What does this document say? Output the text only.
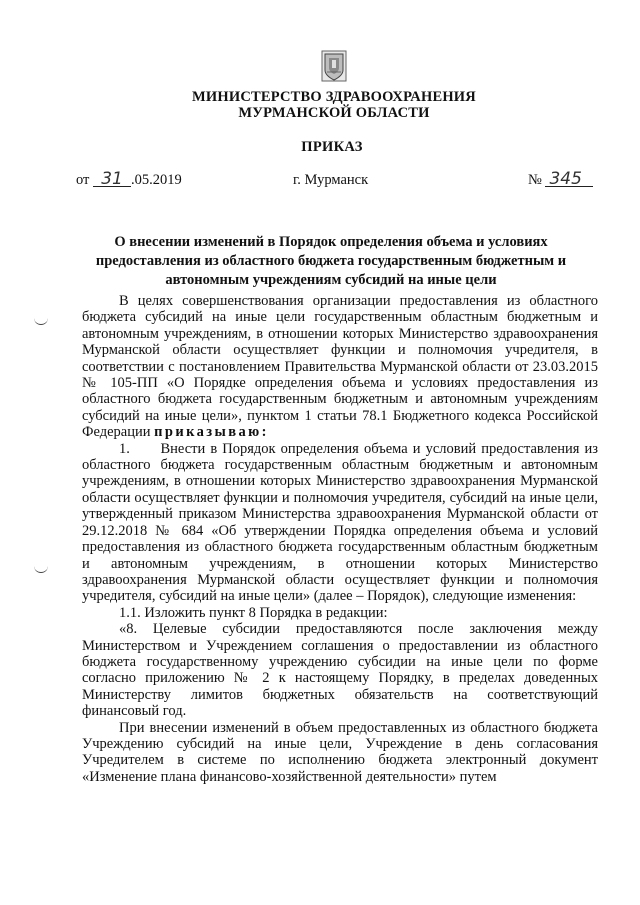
МИНИСТЕРСТВО ЗДРАВООХРАНЕНИЯ
МУРМАНСКОЙ ОБЛАСТИ
ПРИКАЗ
от 31 .05.2019	г. Мурманск	№ 345
О внесении изменений в Порядок определения объема и условиях предоставления из областного бюджета государственным бюджетным и автономным учреждениям субсидий на иные цели

В целях совершенствования организации предоставления из областного бюджета субсидий на иные цели государственным областным бюджетным и автономным учреждениям, в отношении которых Министерство здравоохранения Мурманской области осуществляет функции и полномочия учредителя, в соответствии с постановлением Правительства Мурманской области от 23.03.2015 № 105-ПП «О Порядке определения объема и условиях предоставления из областного бюджета государственным бюджетным и автономным учреждениям субсидий на иные цели», пунктом 1 статьи 78.1 Бюджетного кодекса Российской Федерации приказываю:

1.      Внести в Порядок определения объема и условий предоставления из областного бюджета государственным областным бюджетным и автономным учреждениям, в отношении которых Министерство здравоохранения Мурманской области осуществляет функции и полномочия учредителя, субсидий на иные цели, утвержденный приказом Министерства здравоохранения Мурманской области от 29.12.2018 № 684 «Об утверждении Порядка определения объема и условий предоставления из областного бюджета государственным областным бюджетным и автономным учреждениям, в отношении которых Министерство здравоохранения Мурманской области осуществляет функции и полномочия учредителя, субсидий на иные цели» (далее – Порядок), следующие изменения:

1.1. Изложить пункт 8 Порядка в редакции:

«8. Целевые субсидии предоставляются после заключения между Министерством и Учреждением соглашения о предоставлении из областного бюджета государственному учреждению субсидии на иные цели по форме согласно приложению № 2 к настоящему Порядку, в пределах доведенных Министерству лимитов бюджетных обязательств на соответствующий финансовый год.

При внесении изменений в объем предоставленных из областного бюджета Учреждению субсидий на иные цели, Учреждение в день согласования Учредителем в системе по исполнению бюджета электронный документ «Изменение плана финансово-хозяйственной деятельности» путем
